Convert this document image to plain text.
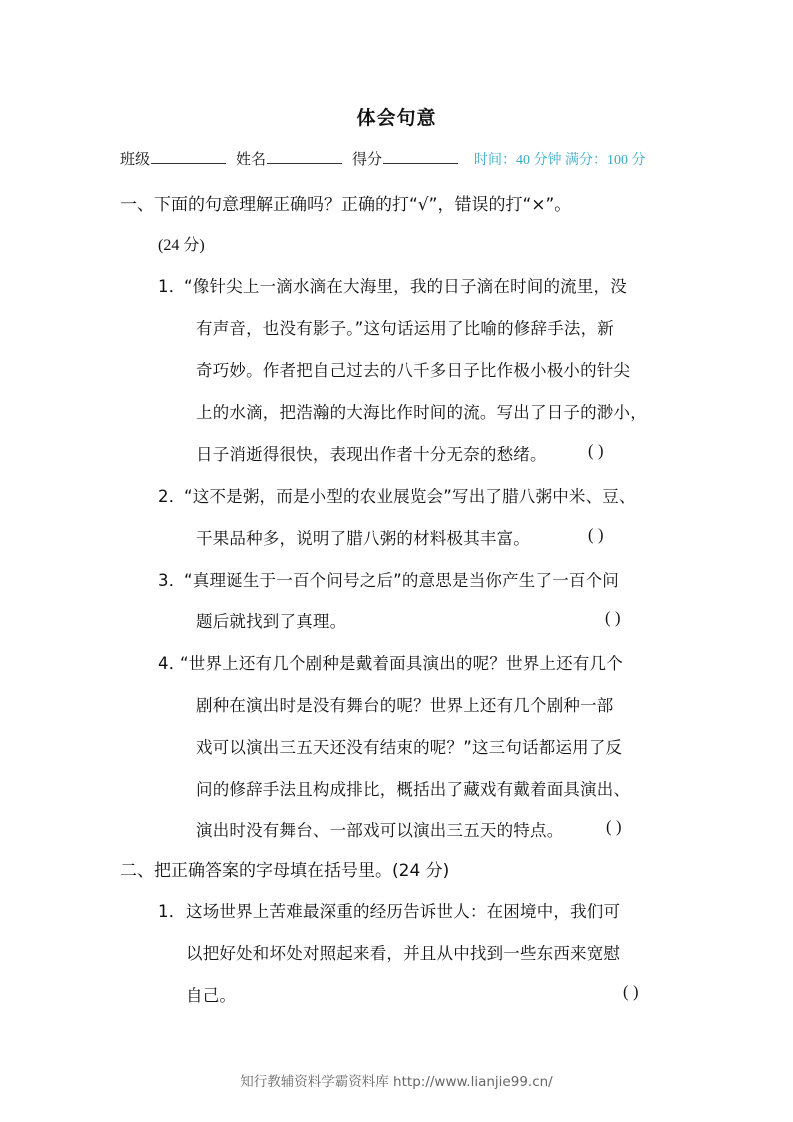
体会句意
班级	姓名	得分	时间：40 分钟 满分：100 分
一、下面的句意理解正确吗？正确的打“√”，错误的打“×”。
(24 分)
1．
“像针尖上一滴水滴在大海里，我的日子滴在时间的流里，没
有声音，也没有影子。”这句话运用了比喻的修辞手法，新
奇巧妙。作者把自己过去的八千多日子比作极小极小的针尖
上的水滴，把浩瀚的大海比作时间的流。写出了日子的渺小，
日子消逝得很快，表现出作者十分无奈的愁绪。	( )
2．
“这不是粥，而是小型的农业展览会”写出了腊八粥中米、豆、
干果品种多，说明了腊八粥的材料极其丰富。	( )
3．
“真理诞生于一百个问号之后”的意思是当你产生了一百个问
题后就找到了真理。	( )
4．
“世界上还有几个剧种是戴着面具演出的呢？世界上还有几个
剧种在演出时是没有舞台的呢？世界上还有几个剧种一部
戏可以演出三五天还没有结束的呢？”这三句话都运用了反
问的修辞手法且构成排比，概括出了藏戏有戴着面具演出、
演出时没有舞台、一部戏可以演出三五天的特点。	( )
二、把正确答案的字母填在括号里。(24 分)
1． 这场世界上苦难最深重的经历告诉世人：在困境中，我们可
以把好处和坏处对照起来看，并且从中找到一些东西来宽慰
自己。	( )
知行教辅资料学霸资料库 http://www.lianjie99.cn/
